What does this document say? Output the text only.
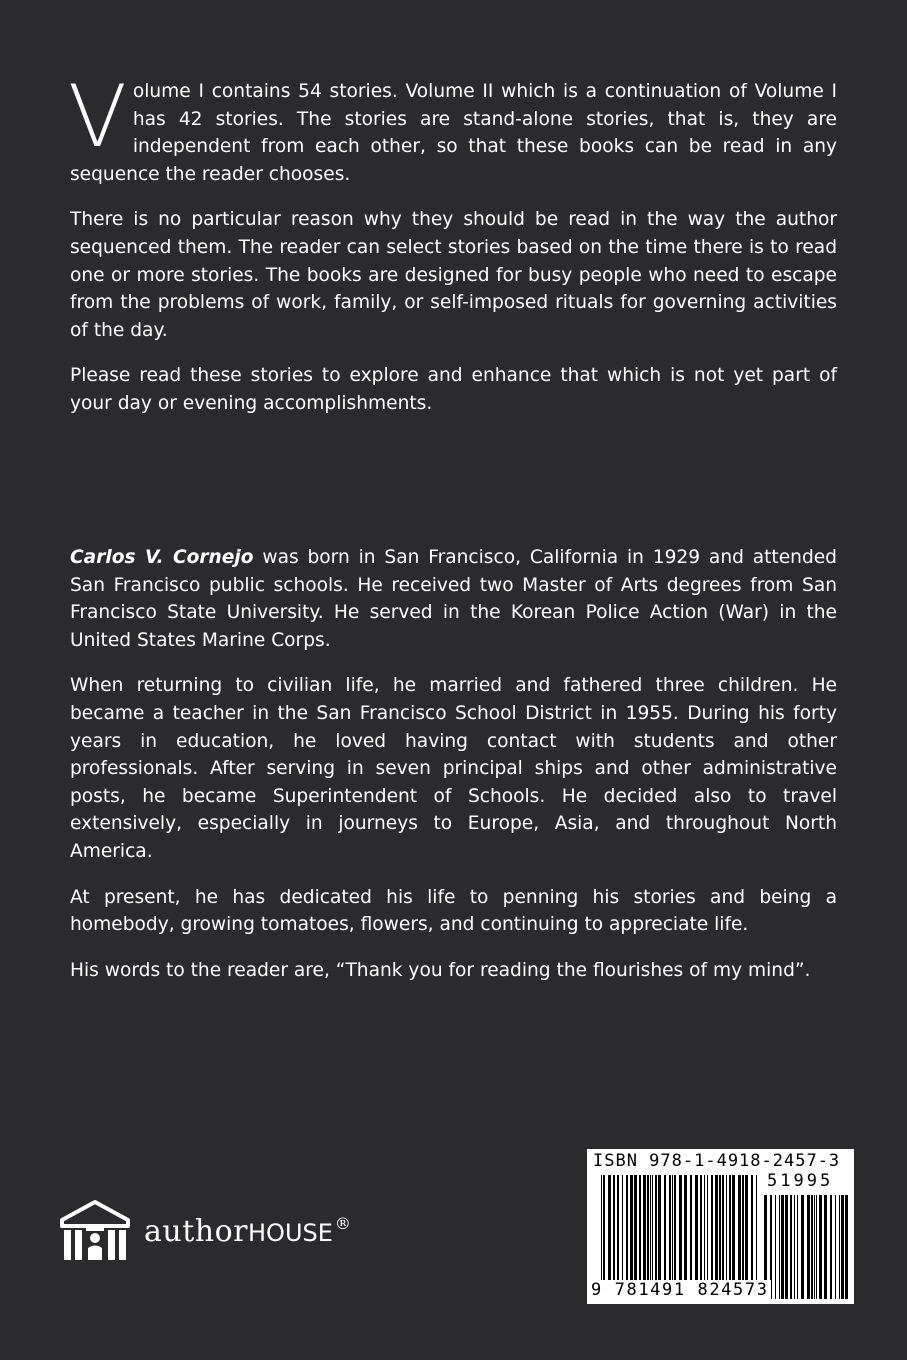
Volume I contains 54 stories. Volume II which is a continuation of Volume I has 42 stories. The stories are stand-alone stories, that is, they are independent from each other, so that these books can be read in any sequence the reader chooses.

There is no particular reason why they should be read in the way the author sequenced them. The reader can select stories based on the time there is to read one or more stories. The books are designed for busy people who need to escape from the problems of work, family, or self-imposed rituals for governing activities of the day.

Please read these stories to explore and enhance that which is not yet part of your day or evening accomplishments.

Carlos V. Cornejo was born in San Francisco, California in 1929 and attended San Francisco public schools. He received two Master of Arts degrees from San Francisco State University. He served in the Korean Police Action (War) in the United States Marine Corps.

When returning to civilian life, he married and fathered three children. He became a teacher in the San Francisco School District in 1955. During his forty years in education, he loved having contact with students and other professionals. After serving in seven principal ships and other administrative posts, he became Superintendent of Schools. He decided also to travel extensively, especially in journeys to Europe, Asia, and throughout North America.

At present, he has dedicated his life to penning his stories and being a homebody, growing tomatoes, flowers, and continuing to appreciate life.

His words to the reader are, “Thank you for reading the flourishes of my mind”.

authorHOUSE ®
ISBN 978-1-4918-2457-3
51995
9 781491 824573
